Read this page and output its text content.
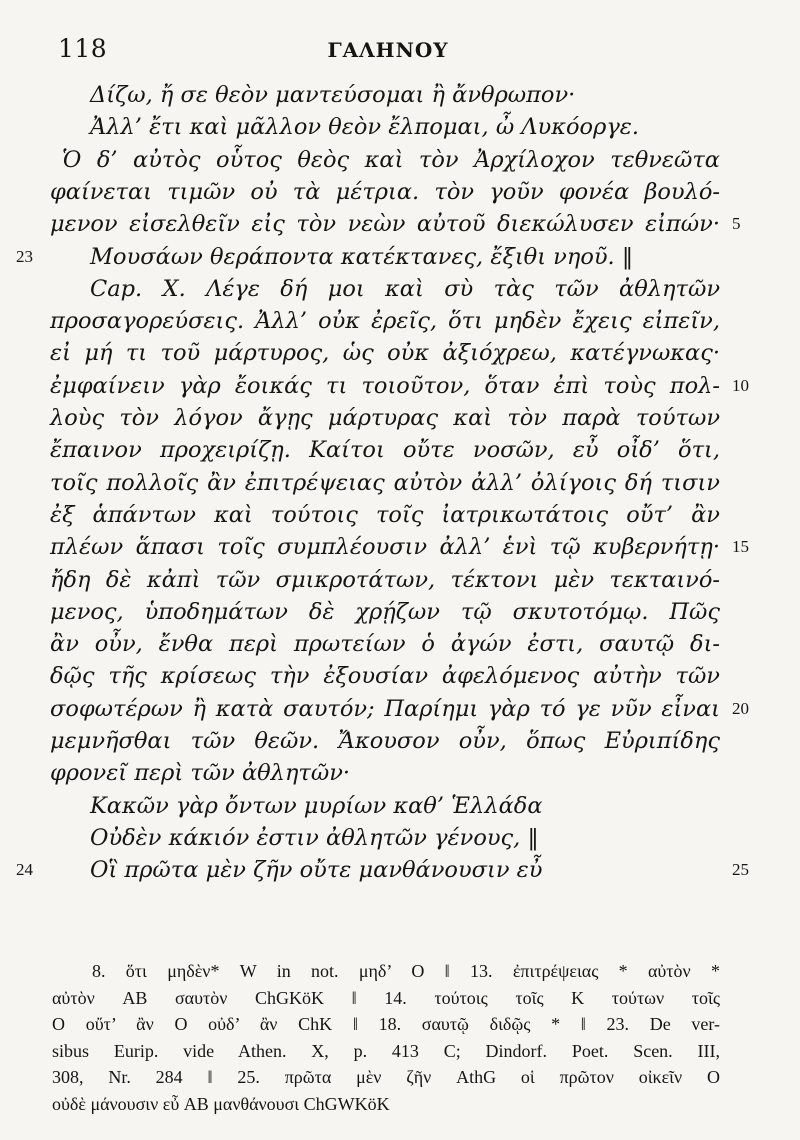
118	ΓΑΛΗΝΟΥ
Δίζω, ἤ σε θεὸν μαντεύσομαι ἢ ἄνθρωπον·
Ἀλλ’ ἔτι καὶ μᾶλλον θεὸν ἔλπομαι, ὦ Λυκόοργε.
Ὁ δ’ αὐτὸς οὗτος θεὸς καὶ τὸν Ἀρχίλοχον τεθνεῶτα
φαίνεται τιμῶν οὐ τὰ μέτρια. τὸν γοῦν φονέα βουλό-
μενον εἰσελθεῖν εἰς τὸν νεὼν αὐτοῦ διεκώλυσεν εἰπών·
Μουσάων θεράποντα κατέκτανες, ἔξιθι νηοῦ. ‖
Cap. X. Λέγε δή μοι καὶ σὺ τὰς τῶν ἀθλητῶν
προσαγορεύσεις. Ἀλλ’ οὐκ ἐρεῖς, ὅτι μηδὲν ἔχεις εἰπεῖν,
εἰ μή τι τοῦ μάρτυρος, ὡς οὐκ ἀξιόχρεω, κατέγνωκας·
ἐμφαίνειν γὰρ ἔοικάς τι τοιοῦτον, ὅταν ἐπὶ τοὺς πολ-
λοὺς τὸν λόγον ἄγῃς μάρτυρας καὶ τὸν παρὰ τούτων
ἔπαινον προχειρίζῃ. Καίτοι οὔτε νοσῶν, εὖ οἶδ’ ὅτι,
τοῖς πολλοῖς ἂν ἐπιτρέψειας αὐτὸν ἀλλ’ ὀλίγοις δή τισιν
ἐξ ἁπάντων καὶ τούτοις τοῖς ἰατρικωτάτοις οὔτ’ ἂν
πλέων ἅπασι τοῖς συμπλέουσιν ἀλλ’ ἑνὶ τῷ κυβερνήτῃ·
ἤδη δὲ κἀπὶ τῶν σμικροτάτων, τέκτονι μὲν τεκταινό-
μενος, ὑποδημάτων δὲ χρῄζων τῷ σκυτοτόμῳ. Πῶς
ἂν οὖν, ἔνθα περὶ πρωτείων ὁ ἀγών ἐστι, σαυτῷ δι-
δῷς τῆς κρίσεως τὴν ἐξουσίαν ἀφελόμενος αὐτὴν τῶν
σοφωτέρων ἢ κατὰ σαυτόν; Παρίημι γὰρ τό γε νῦν εἶναι
μεμνῆσθαι τῶν θεῶν. Ἄκουσον οὖν, ὅπως Εὐριπίδης
φρονεῖ περὶ τῶν ἀθλητῶν·
Κακῶν γὰρ ὄντων μυρίων καθ’ Ἑλλάδα
Οὐδὲν κάκιόν ἐστιν ἀθλητῶν γένους, ‖
Οἳ πρῶτα μὲν ζῆν οὔτε μανθάνουσιν εὖ
23
24
5
10
15
20
25
8. ὅτι μηδὲν* W in not. μηδ’ O ‖ 13. ἐπιτρέψειας * αὐτὸν *
αὐτὸν AB σαυτὸν ChGKöK ‖ 14. τούτοις τοῖς K τούτων τοῖς
O οὔτ’ ἂν O οὐδ’ ἂν ChK ‖ 18. σαυτῷ διδῷς * ‖ 23. De ver-
sibus Eurip. vide Athen. X, p. 413 C; Dindorf. Poet. Scen. III,
308, Nr. 284 ‖ 25. πρῶτα μὲν ζῆν AthG οἱ πρῶτον οἰκεῖν O
οὐδὲ μάνουσιν εὖ AB μανθάνουσι ChGWKöK
